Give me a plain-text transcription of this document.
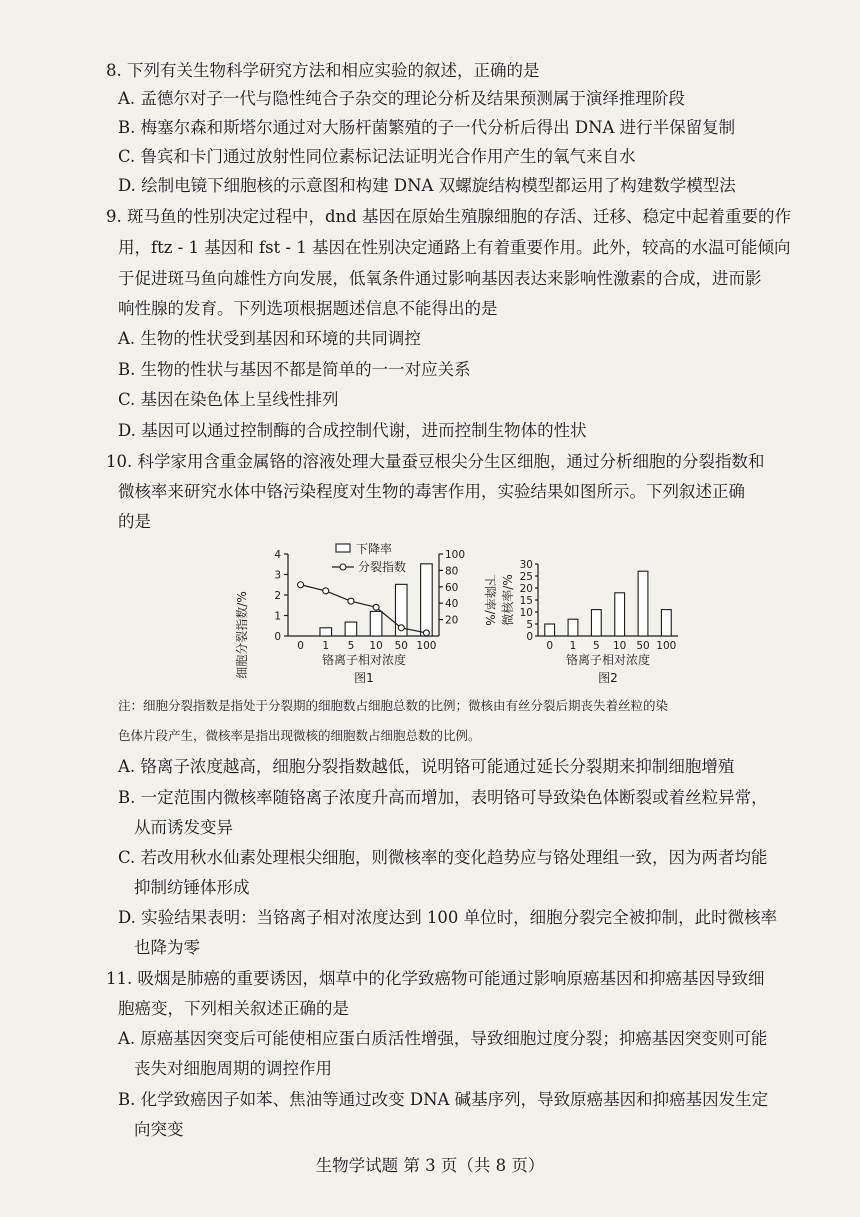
8. 下列有关生物科学研究方法和相应实验的叙述，正确的是
A. 孟德尔对子一代与隐性纯合子杂交的理论分析及结果预测属于演绎推理阶段
B. 梅塞尔森和斯塔尔通过对大肠杆菌繁殖的子一代分析后得出 DNA 进行半保留复制
C. 鲁宾和卡门通过放射性同位素标记法证明光合作用产生的氧气来自水
D. 绘制电镜下细胞核的示意图和构建 DNA 双螺旋结构模型都运用了构建数学模型法
9. 斑马鱼的性别决定过程中，dnd 基因在原始生殖腺细胞的存活、迁移、稳定中起着重要的作
用，ftz - 1 基因和 fst - 1 基因在性别决定通路上有着重要作用。此外，较高的水温可能倾向
于促进斑马鱼向雄性方向发展，低氧条件通过影响基因表达来影响性激素的合成，进而影
响性腺的发育。下列选项根据题述信息不能得出的是
A. 生物的性状受到基因和环境的共同调控
B. 生物的性状与基因不都是简单的一一对应关系
C. 基因在染色体上呈线性排列
D. 基因可以通过控制酶的合成控制代谢，进而控制生物体的性状
10. 科学家用含重金属铬的溶液处理大量蚕豆根尖分生区细胞，通过分析细胞的分裂指数和
微核率来研究水体中铬污染程度对生物的毒害作用，实验结果如图所示。下列叙述正确
的是
细胞分裂指数/%	下降率/%
下降率
分裂指数
0
1
2
3
4
20
40
60
80
100
0 1 5 10 50 100
铬离子相对浓度
图1
微核率/%
0
5
10
15
20
25
30
0 1 5 10 50 100
铬离子相对浓度
图2
注：细胞分裂指数是指处于分裂期的细胞数占细胞总数的比例；微核由有丝分裂后期丧失着丝粒的染
色体片段产生，微核率是指出现微核的细胞数占细胞总数的比例。
A. 铬离子浓度越高，细胞分裂指数越低，说明铬可能通过延长分裂期来抑制细胞增殖
B. 一定范围内微核率随铬离子浓度升高而增加，表明铬可导致染色体断裂或着丝粒异常，
从而诱发变异
C. 若改用秋水仙素处理根尖细胞，则微核率的变化趋势应与铬处理组一致，因为两者均能
抑制纺锤体形成
D. 实验结果表明：当铬离子相对浓度达到 100 单位时，细胞分裂完全被抑制，此时微核率
也降为零
11. 吸烟是肺癌的重要诱因，烟草中的化学致癌物可能通过影响原癌基因和抑癌基因导致细
胞癌变，下列相关叙述正确的是
A. 原癌基因突变后可能使相应蛋白质活性增强，导致细胞过度分裂；抑癌基因突变则可能
丧失对细胞周期的调控作用
B. 化学致癌因子如苯、焦油等通过改变 DNA 碱基序列，导致原癌基因和抑癌基因发生定
向突变
生物学试题 第 3 页（共 8 页）
